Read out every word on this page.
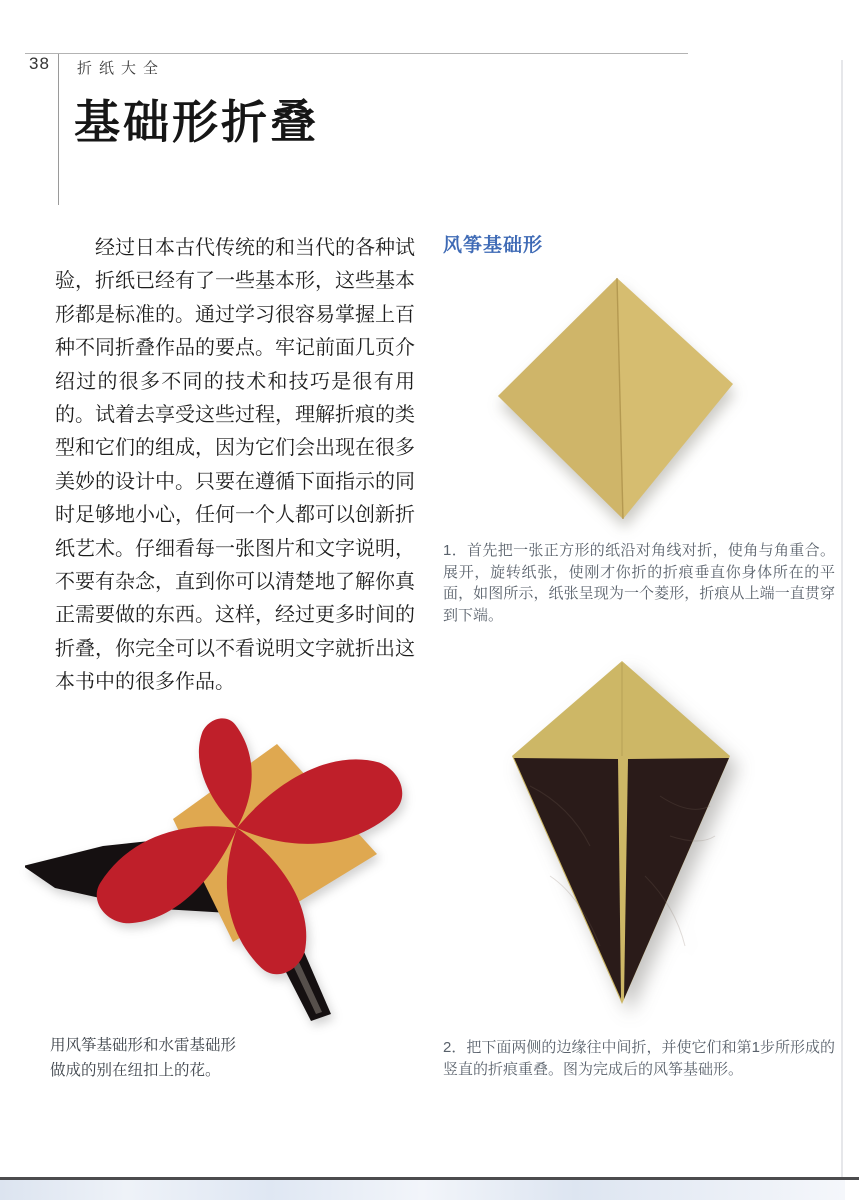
38 折纸大全
基础形折叠
经过日本古代传统的和当代的各种试验，折纸已经有了一些基本形，这些基本形都是标准的。通过学习很容易掌握上百种不同折叠作品的要点。牢记前面几页介绍过的很多不同的技术和技巧是很有用的。试着去享受这些过程，理解折痕的类型和它们的组成，因为它们会出现在很多美妙的设计中。只要在遵循下面指示的同时足够地小心，任何一个人都可以创新折纸艺术。仔细看每一张图片和文字说明，不要有杂念，直到你可以清楚地了解你真正需要做的东西。这样，经过更多时间的折叠，你完全可以不看说明文字就折出这本书中的很多作品。
用风筝基础形和水雷基础形
做成的别在纽扣上的花。
风筝基础形
1．首先把一张正方形的纸沿对角线对折，使角与角重合。展开，旋转纸张，使刚才你折的折痕垂直你身体所在的平面，如图所示，纸张呈现为一个菱形，折痕从上端一直贯穿到下端。
2．把下面两侧的边缘往中间折，并使它们和第1步所形成的竖直的折痕重叠。图为完成后的风筝基础形。
